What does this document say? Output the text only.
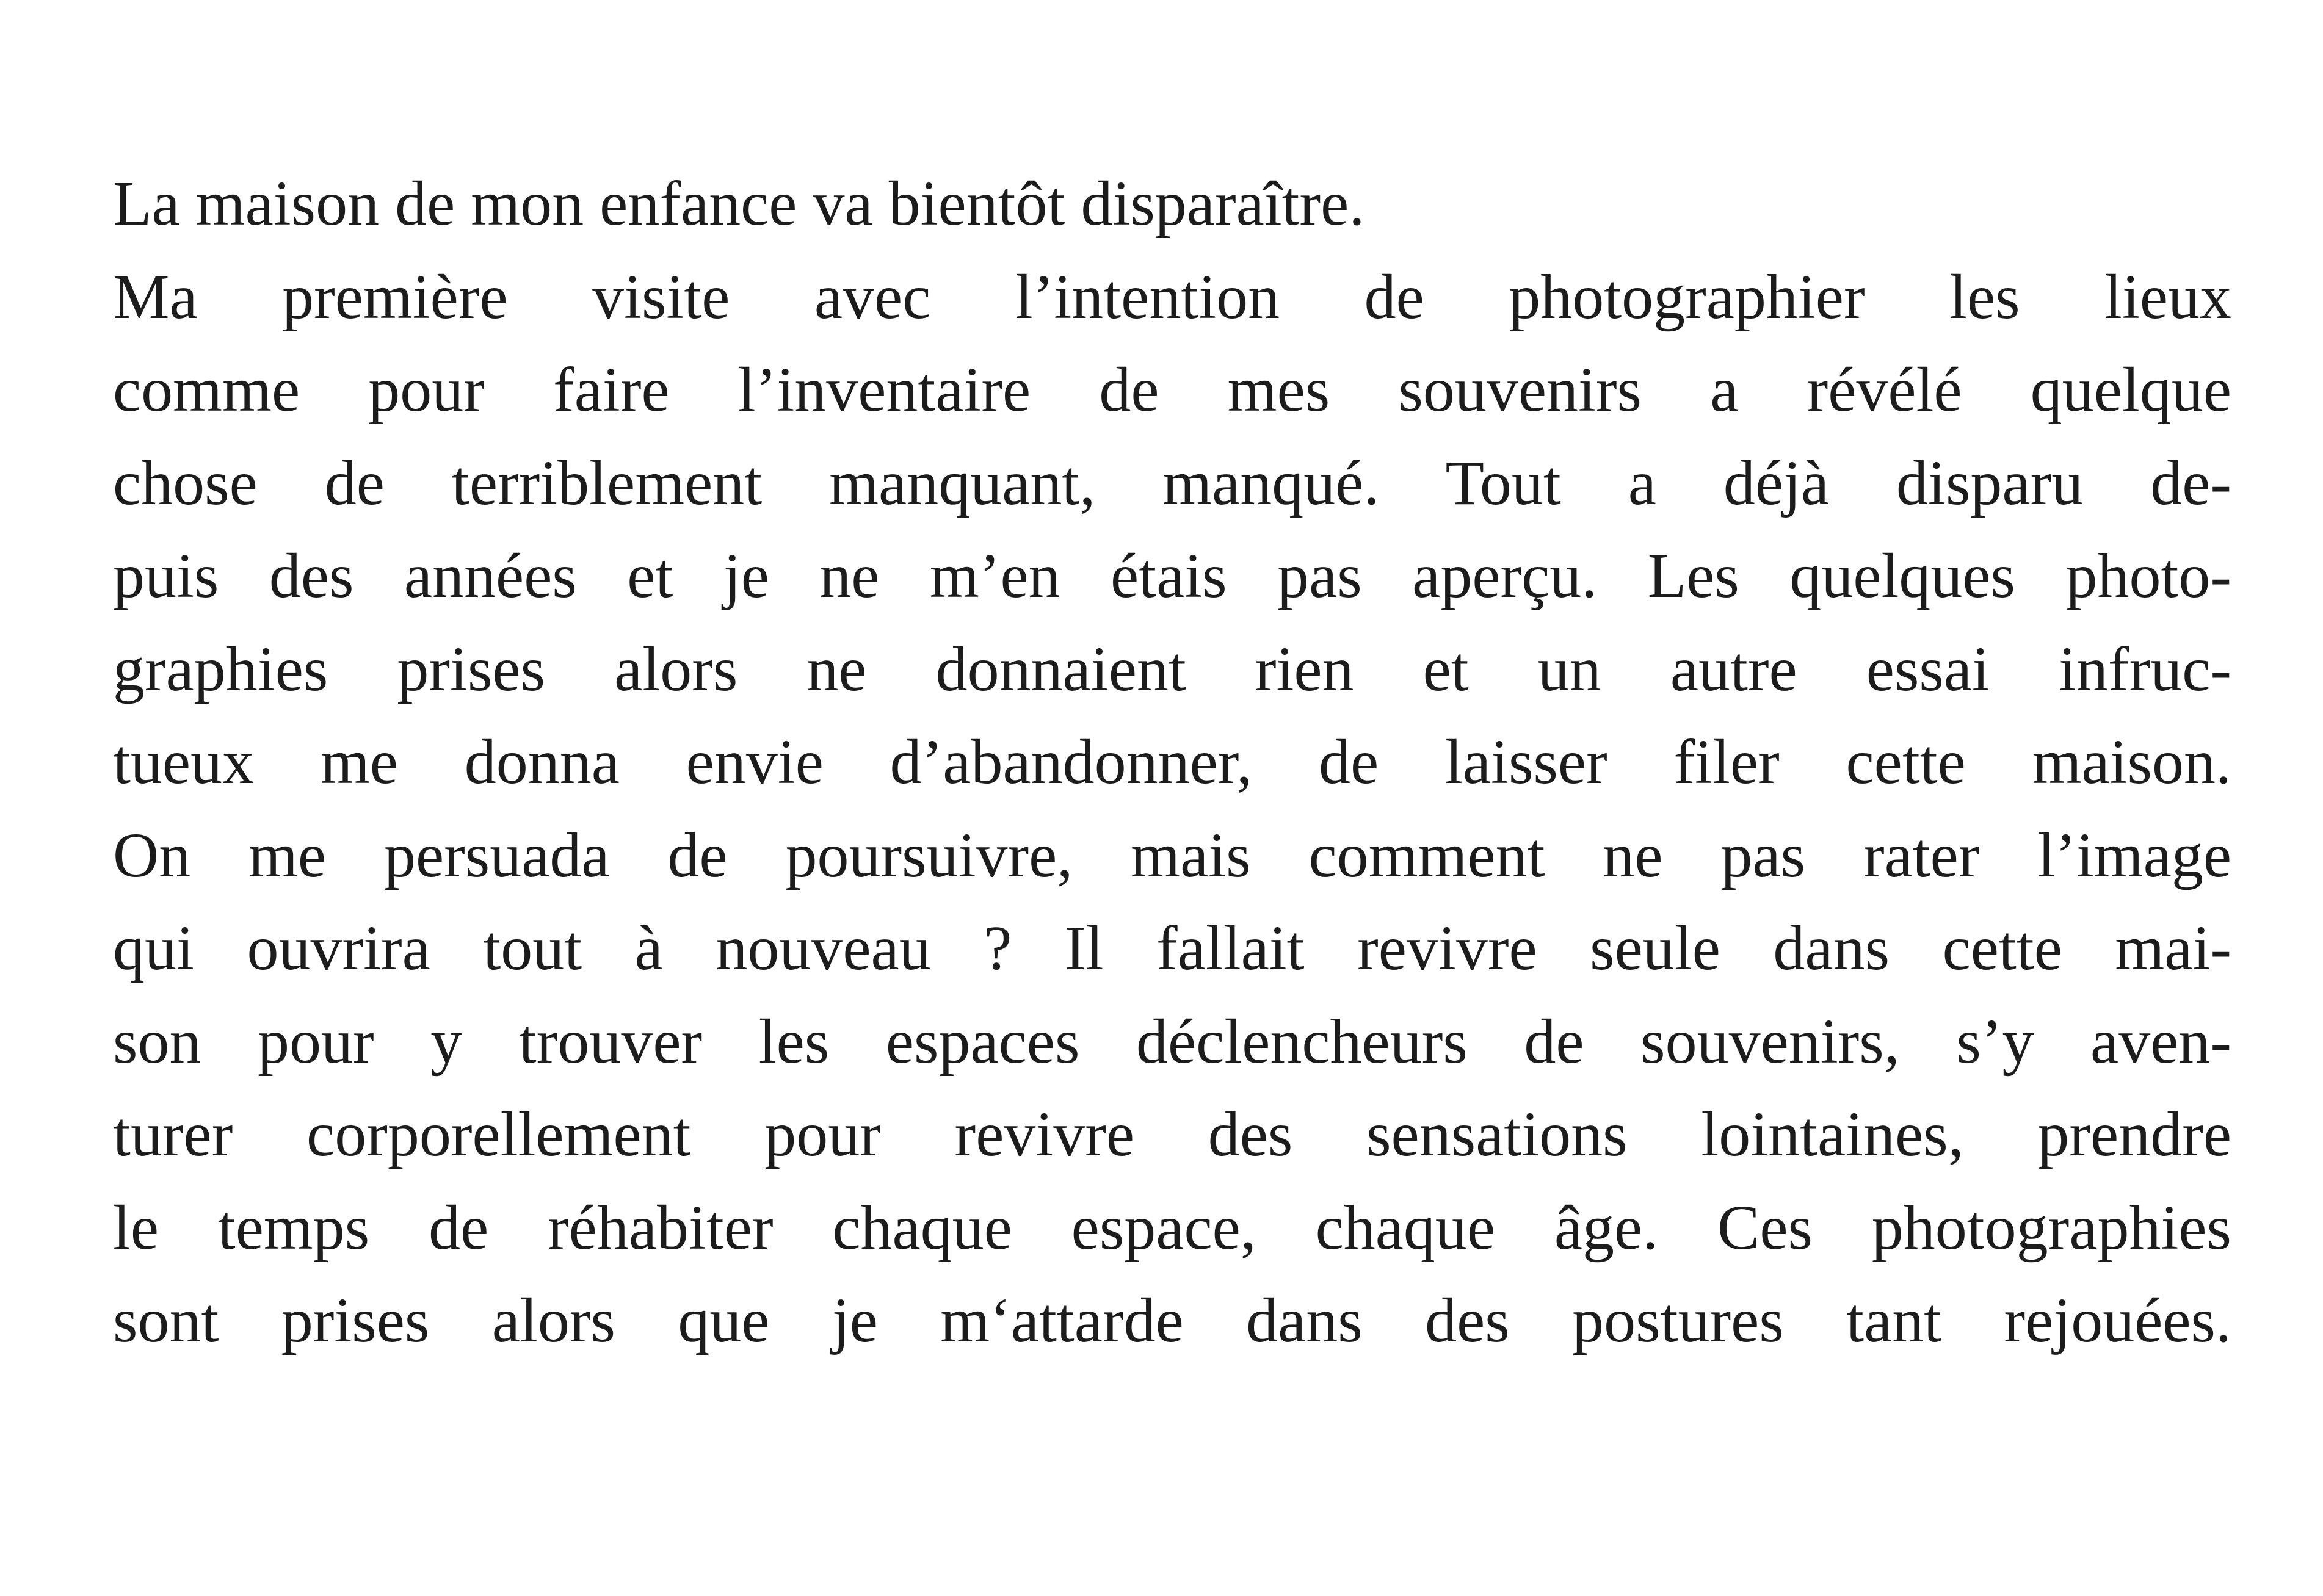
La maison de mon enfance va bientôt disparaître.
Ma première visite avec l’intention de photographier les lieux
comme pour faire l’inventaire de mes souvenirs a révélé quelque
chose de terriblement manquant, manqué. Tout a déjà disparu de-
puis des années et je ne m’en étais pas aperçu. Les quelques photo-
graphies prises alors ne donnaient rien et un autre essai infruc-
tueux me donna envie d’abandonner, de laisser filer cette maison.
On me persuada de poursuivre, mais comment ne pas rater l’image
qui ouvrira tout à nouveau ? Il fallait revivre seule dans cette mai-
son pour y trouver les espaces déclencheurs de souvenirs, s’y aven-
turer corporellement pour revivre des sensations lointaines, prendre
le temps de réhabiter chaque espace, chaque âge. Ces photographies
sont prises alors que je m‘attarde dans des postures tant rejouées.
